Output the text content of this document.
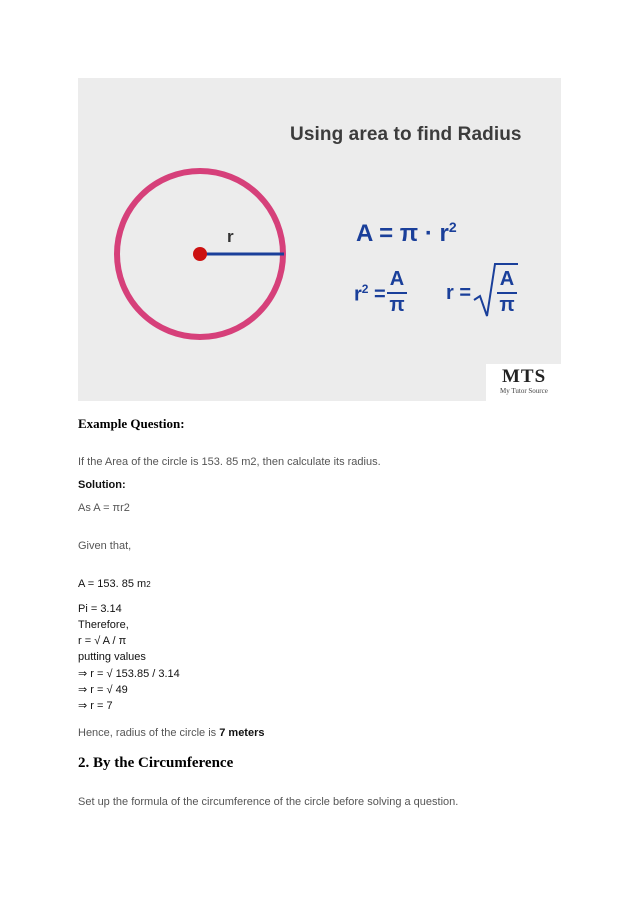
Using area to find Radius
r	$A = \pi \cdot r^2$
$r^2$ =
A
π
r =
A
π
MTS
My Tutor Source
Example Question:
If the Area of the circle is 153. 85 m2, then calculate its radius.
Solution:
As A = πr2
Given that,
A = 153. 85 m2
Pi = 3.14
Therefore,
r = √ A / π
putting values
⇒ r = √ 153.85 / 3.14
⇒ r = √ 49
⇒ r = 7
Hence, radius of the circle is 7 meters
2. By the Circumference
Set up the formula of the circumference of the circle before solving a question.
